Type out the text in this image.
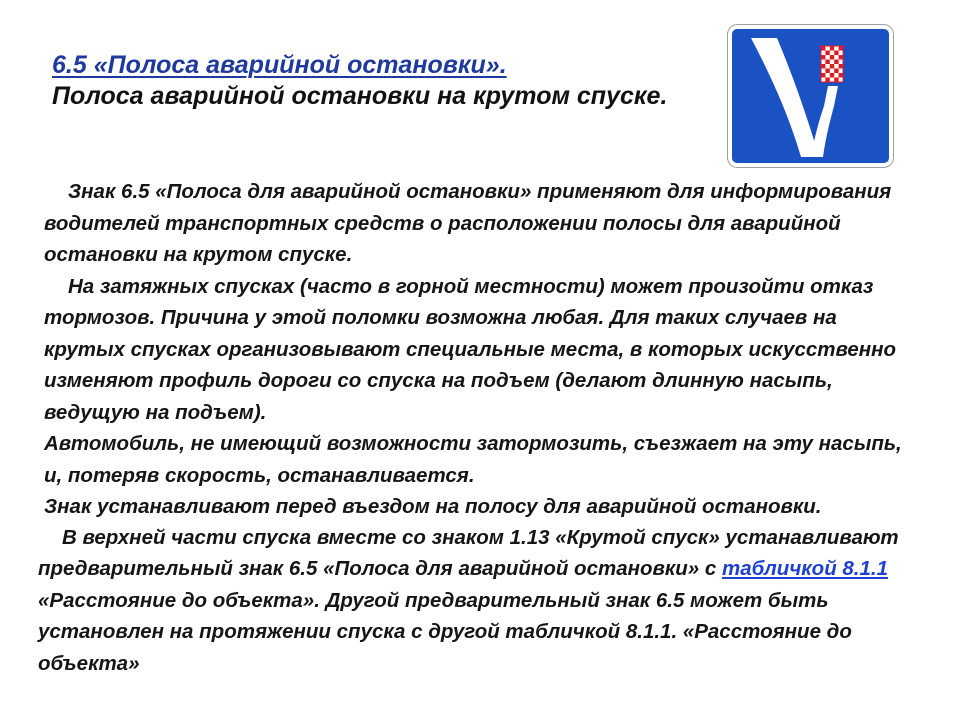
6.5 «Полоса аварийной остановки».
Полоса аварийной остановки на крутом спуске.

Знак 6.5 «Полоса для аварийной остановки» применяют для информирования водителей транспортных средств о расположении полосы для аварийной остановки на крутом спуске.

На затяжных спусках (часто в горной местности) может произойти отказ тормозов. Причина у этой поломки возможна любая. Для таких случаев на крутых спусках организовывают специальные места, в которых искусственно изменяют профиль дороги со спуска на подъем (делают длинную насыпь, ведущую на подъем).

Автомобиль, не имеющий возможности затормозить, съезжает на эту насыпь, и, потеряв скорость, останавливается.

Знак устанавливают перед въездом на полосу для аварийной остановки.

В верхней части спуска вместе со знаком 1.13 «Крутой спуск» устанавливают предварительный знак 6.5 «Полоса для аварийной остановки» с табличкой 8.1.1 «Расстояние до объекта». Другой предварительный знак 6.5 может быть установлен на протяжении спуска с другой табличкой 8.1.1. «Расстояние до объекта»
